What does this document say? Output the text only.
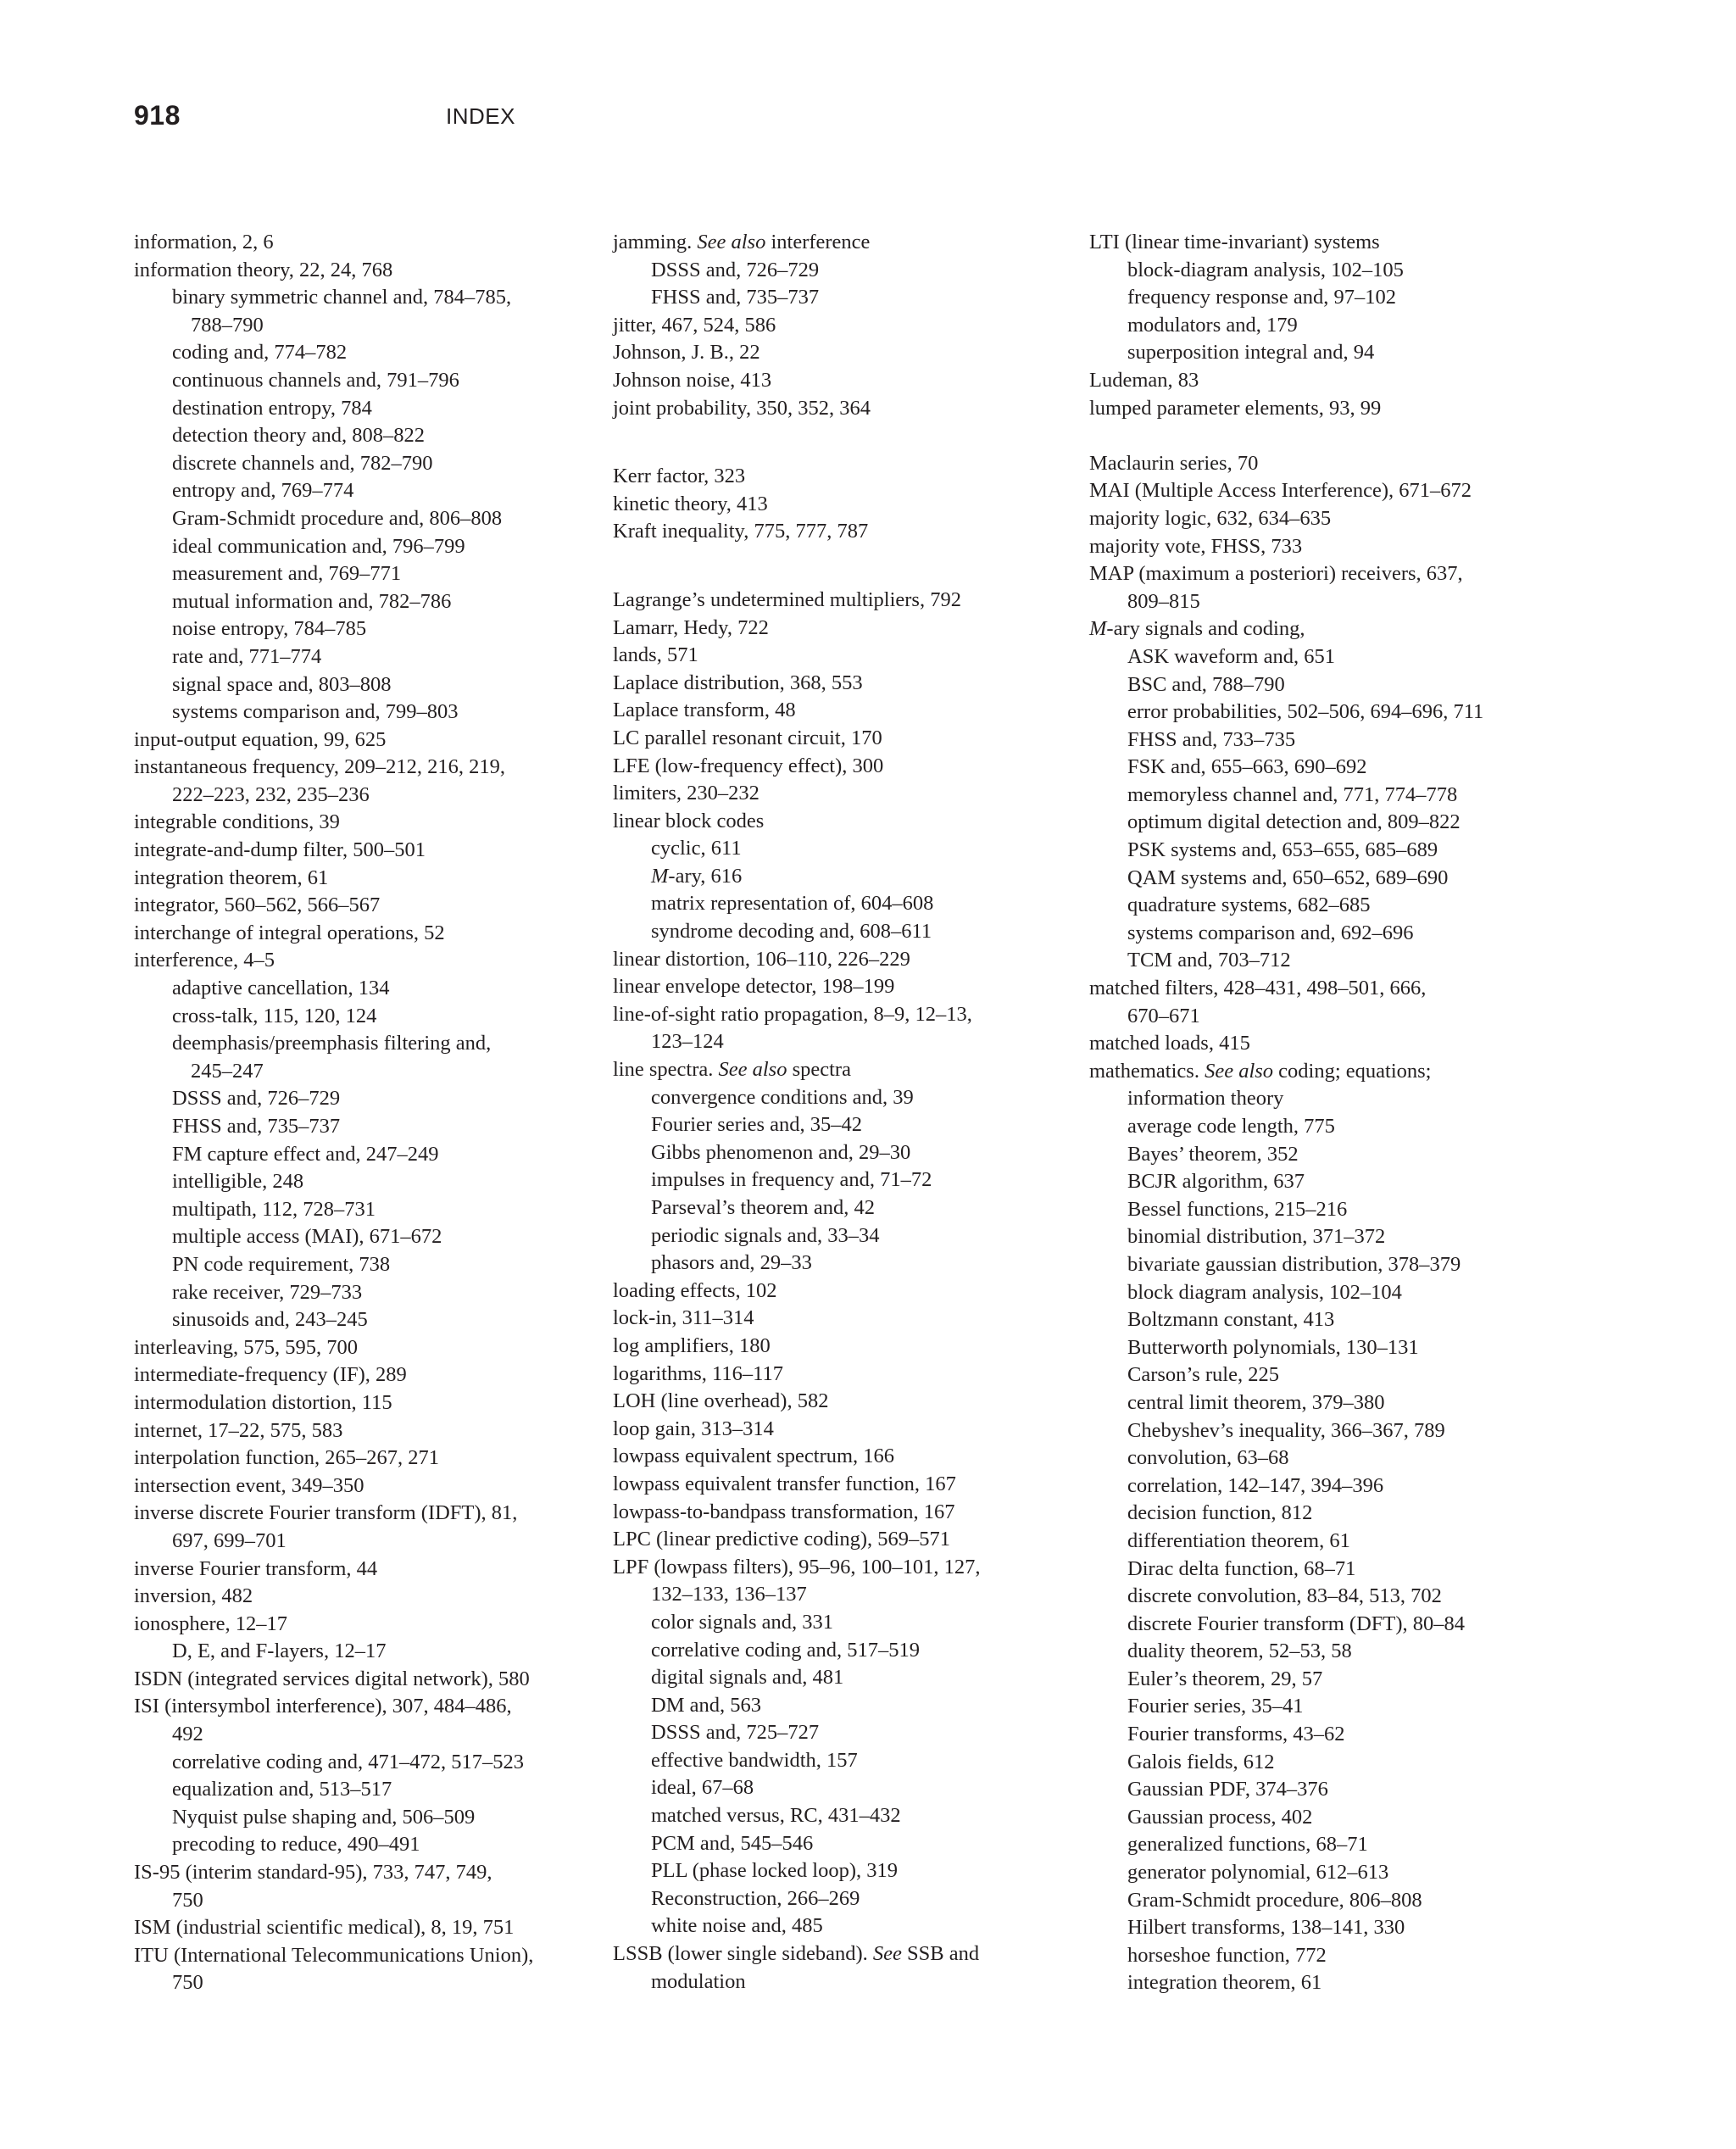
918	INDEX
information, 2, 6
information theory, 22, 24, 768
binary symmetric channel and, 784–785,
788–790
coding and, 774–782
continuous channels and, 791–796
destination entropy, 784
detection theory and, 808–822
discrete channels and, 782–790
entropy and, 769–774
Gram-Schmidt procedure and, 806–808
ideal communication and, 796–799
measurement and, 769–771
mutual information and, 782–786
noise entropy, 784–785
rate and, 771–774
signal space and, 803–808
systems comparison and, 799–803
input-output equation, 99, 625
instantaneous frequency, 209–212, 216, 219,
222–223, 232, 235–236
integrable conditions, 39
integrate-and-dump filter, 500–501
integration theorem, 61
integrator, 560–562, 566–567
interchange of integral operations, 52
interference, 4–5
adaptive cancellation, 134
cross-talk, 115, 120, 124
deemphasis/preemphasis filtering and,
245–247
DSSS and, 726–729
FHSS and, 735–737
FM capture effect and, 247–249
intelligible, 248
multipath, 112, 728–731
multiple access (MAI), 671–672
PN code requirement, 738
rake receiver, 729–733
sinusoids and, 243–245
interleaving, 575, 595, 700
intermediate-frequency (IF), 289
intermodulation distortion, 115
internet, 17–22, 575, 583
interpolation function, 265–267, 271
intersection event, 349–350
inverse discrete Fourier transform (IDFT), 81,
697, 699–701
inverse Fourier transform, 44
inversion, 482
ionosphere, 12–17
D, E, and F-layers, 12–17
ISDN (integrated services digital network), 580
ISI (intersymbol interference), 307, 484–486,
492
correlative coding and, 471–472, 517–523
equalization and, 513–517
Nyquist pulse shaping and, 506–509
precoding to reduce, 490–491
IS-95 (interim standard-95), 733, 747, 749,
750
ISM (industrial scientific medical), 8, 19, 751
ITU (International Telecommunications Union),
750
jamming. See also interference
DSSS and, 726–729
FHSS and, 735–737
jitter, 467, 524, 586
Johnson, J. B., 22
Johnson noise, 413
joint probability, 350, 352, 364
Kerr factor, 323
kinetic theory, 413
Kraft inequality, 775, 777, 787
Lagrange’s undetermined multipliers, 792
Lamarr, Hedy, 722
lands, 571
Laplace distribution, 368, 553
Laplace transform, 48
LC parallel resonant circuit, 170
LFE (low-frequency effect), 300
limiters, 230–232
linear block codes
cyclic, 611
M-ary, 616
matrix representation of, 604–608
syndrome decoding and, 608–611
linear distortion, 106–110, 226–229
linear envelope detector, 198–199
line-of-sight ratio propagation, 8–9, 12–13,
123–124
line spectra. See also spectra
convergence conditions and, 39
Fourier series and, 35–42
Gibbs phenomenon and, 29–30
impulses in frequency and, 71–72
Parseval’s theorem and, 42
periodic signals and, 33–34
phasors and, 29–33
loading effects, 102
lock-in, 311–314
log amplifiers, 180
logarithms, 116–117
LOH (line overhead), 582
loop gain, 313–314
lowpass equivalent spectrum, 166
lowpass equivalent transfer function, 167
lowpass-to-bandpass transformation, 167
LPC (linear predictive coding), 569–571
LPF (lowpass filters), 95–96, 100–101, 127,
132–133, 136–137
color signals and, 331
correlative coding and, 517–519
digital signals and, 481
DM and, 563
DSSS and, 725–727
effective bandwidth, 157
ideal, 67–68
matched versus, RC, 431–432
PCM and, 545–546
PLL (phase locked loop), 319
Reconstruction, 266–269
white noise and, 485
LSSB (lower single sideband). See SSB and
modulation
LTI (linear time-invariant) systems
block-diagram analysis, 102–105
frequency response and, 97–102
modulators and, 179
superposition integral and, 94
Ludeman, 83
lumped parameter elements, 93, 99
Maclaurin series, 70
MAI (Multiple Access Interference), 671–672
majority logic, 632, 634–635
majority vote, FHSS, 733
MAP (maximum a posteriori) receivers, 637,
809–815
M-ary signals and coding,
ASK waveform and, 651
BSC and, 788–790
error probabilities, 502–506, 694–696, 711
FHSS and, 733–735
FSK and, 655–663, 690–692
memoryless channel and, 771, 774–778
optimum digital detection and, 809–822
PSK systems and, 653–655, 685–689
QAM systems and, 650–652, 689–690
quadrature systems, 682–685
systems comparison and, 692–696
TCM and, 703–712
matched filters, 428–431, 498–501, 666,
670–671
matched loads, 415
mathematics. See also coding; equations;
information theory
average code length, 775
Bayes’ theorem, 352
BCJR algorithm, 637
Bessel functions, 215–216
binomial distribution, 371–372
bivariate gaussian distribution, 378–379
block diagram analysis, 102–104
Boltzmann constant, 413
Butterworth polynomials, 130–131
Carson’s rule, 225
central limit theorem, 379–380
Chebyshev’s inequality, 366–367, 789
convolution, 63–68
correlation, 142–147, 394–396
decision function, 812
differentiation theorem, 61
Dirac delta function, 68–71
discrete convolution, 83–84, 513, 702
discrete Fourier transform (DFT), 80–84
duality theorem, 52–53, 58
Euler’s theorem, 29, 57
Fourier series, 35–41
Fourier transforms, 43–62
Galois fields, 612
Gaussian PDF, 374–376
Gaussian process, 402
generalized functions, 68–71
generator polynomial, 612–613
Gram-Schmidt procedure, 806–808
Hilbert transforms, 138–141, 330
horseshoe function, 772
integration theorem, 61
